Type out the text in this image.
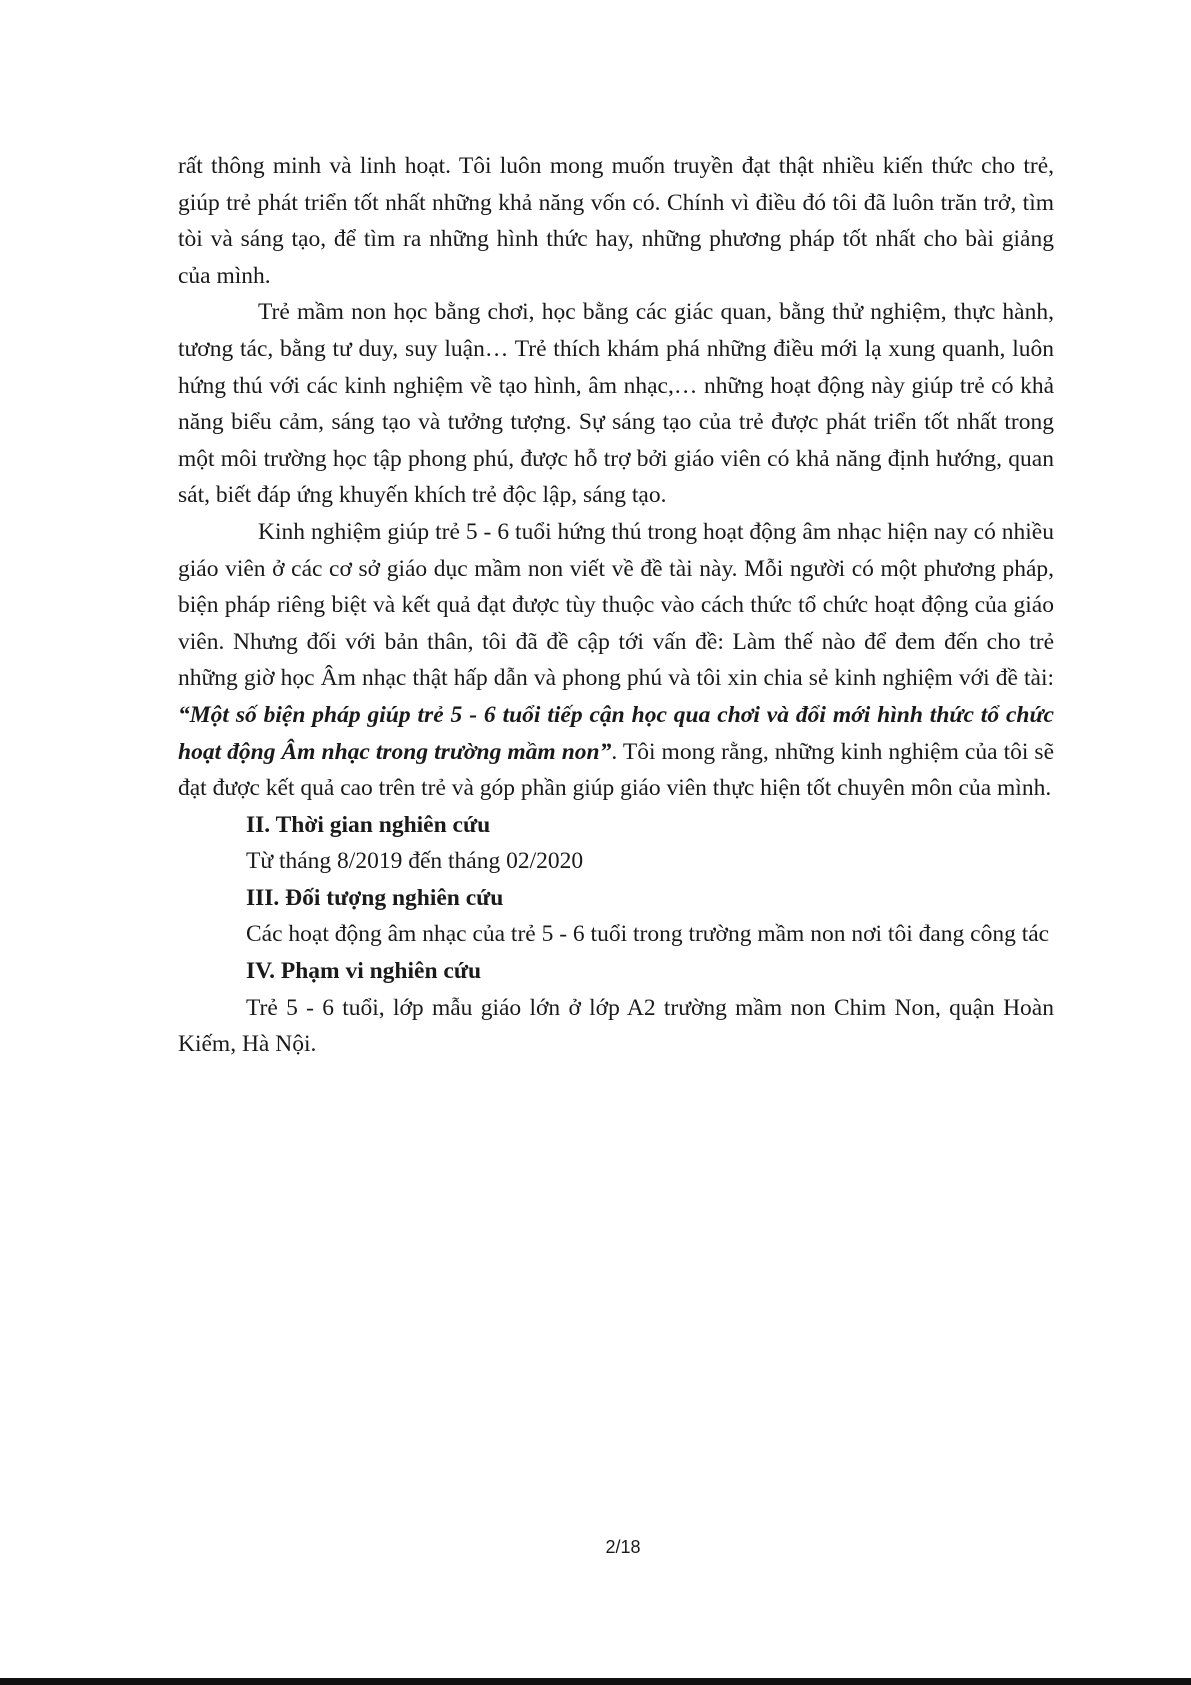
rất thông minh và linh hoạt. Tôi luôn mong muốn truyền đạt thật nhiều kiến thức cho trẻ, giúp trẻ phát triển tốt nhất những khả năng vốn có. Chính vì điều đó tôi đã luôn trăn trở, tìm tòi và sáng tạo, để tìm ra những hình thức hay, những phương pháp tốt nhất cho bài giảng của mình.

Trẻ mầm non học bằng chơi, học bằng các giác quan, bằng thử nghiệm, thực hành, tương tác, bằng tư duy, suy luận… Trẻ thích khám phá những điều mới lạ xung quanh, luôn hứng thú với các kinh nghiệm về tạo hình, âm nhạc,… những hoạt động này giúp trẻ có khả năng biểu cảm, sáng tạo và tưởng tượng. Sự sáng tạo của trẻ được phát triển tốt nhất trong một môi trường học tập phong phú, được hỗ trợ bởi giáo viên có khả năng định hướng, quan sát, biết đáp ứng khuyến khích trẻ độc lập, sáng tạo.

Kinh nghiệm giúp trẻ 5 - 6 tuổi hứng thú trong hoạt động âm nhạc hiện nay có nhiều giáo viên ở các cơ sở giáo dục mầm non viết về đề tài này. Mỗi người có một phương pháp, biện pháp riêng biệt và kết quả đạt được tùy thuộc vào cách thức tổ chức hoạt động của giáo viên. Nhưng đối với bản thân, tôi đã đề cập tới vấn đề: Làm thế nào để đem đến cho trẻ những giờ học Âm nhạc thật hấp dẫn và phong phú và tôi xin chia sẻ kinh nghiệm với đề tài: “Một số biện pháp giúp trẻ 5 - 6 tuổi tiếp cận học qua chơi và đổi mới hình thức tổ chức hoạt động Âm nhạc trong trường mầm non”. Tôi mong rằng, những kinh nghiệm của tôi sẽ đạt được kết quả cao trên trẻ và góp phần giúp giáo viên thực hiện tốt chuyên môn của mình.

II. Thời gian nghiên cứu

Từ tháng 8/2019 đến tháng 02/2020

III. Đối tượng nghiên cứu

Các hoạt động âm nhạc của trẻ 5 - 6 tuổi trong trường mầm non nơi tôi đang công tác

IV. Phạm vi nghiên cứu

Trẻ 5 - 6 tuổi, lớp mẫu giáo lớn ở lớp A2 trường mầm non Chim Non, quận Hoàn Kiếm, Hà Nội.

2/18
